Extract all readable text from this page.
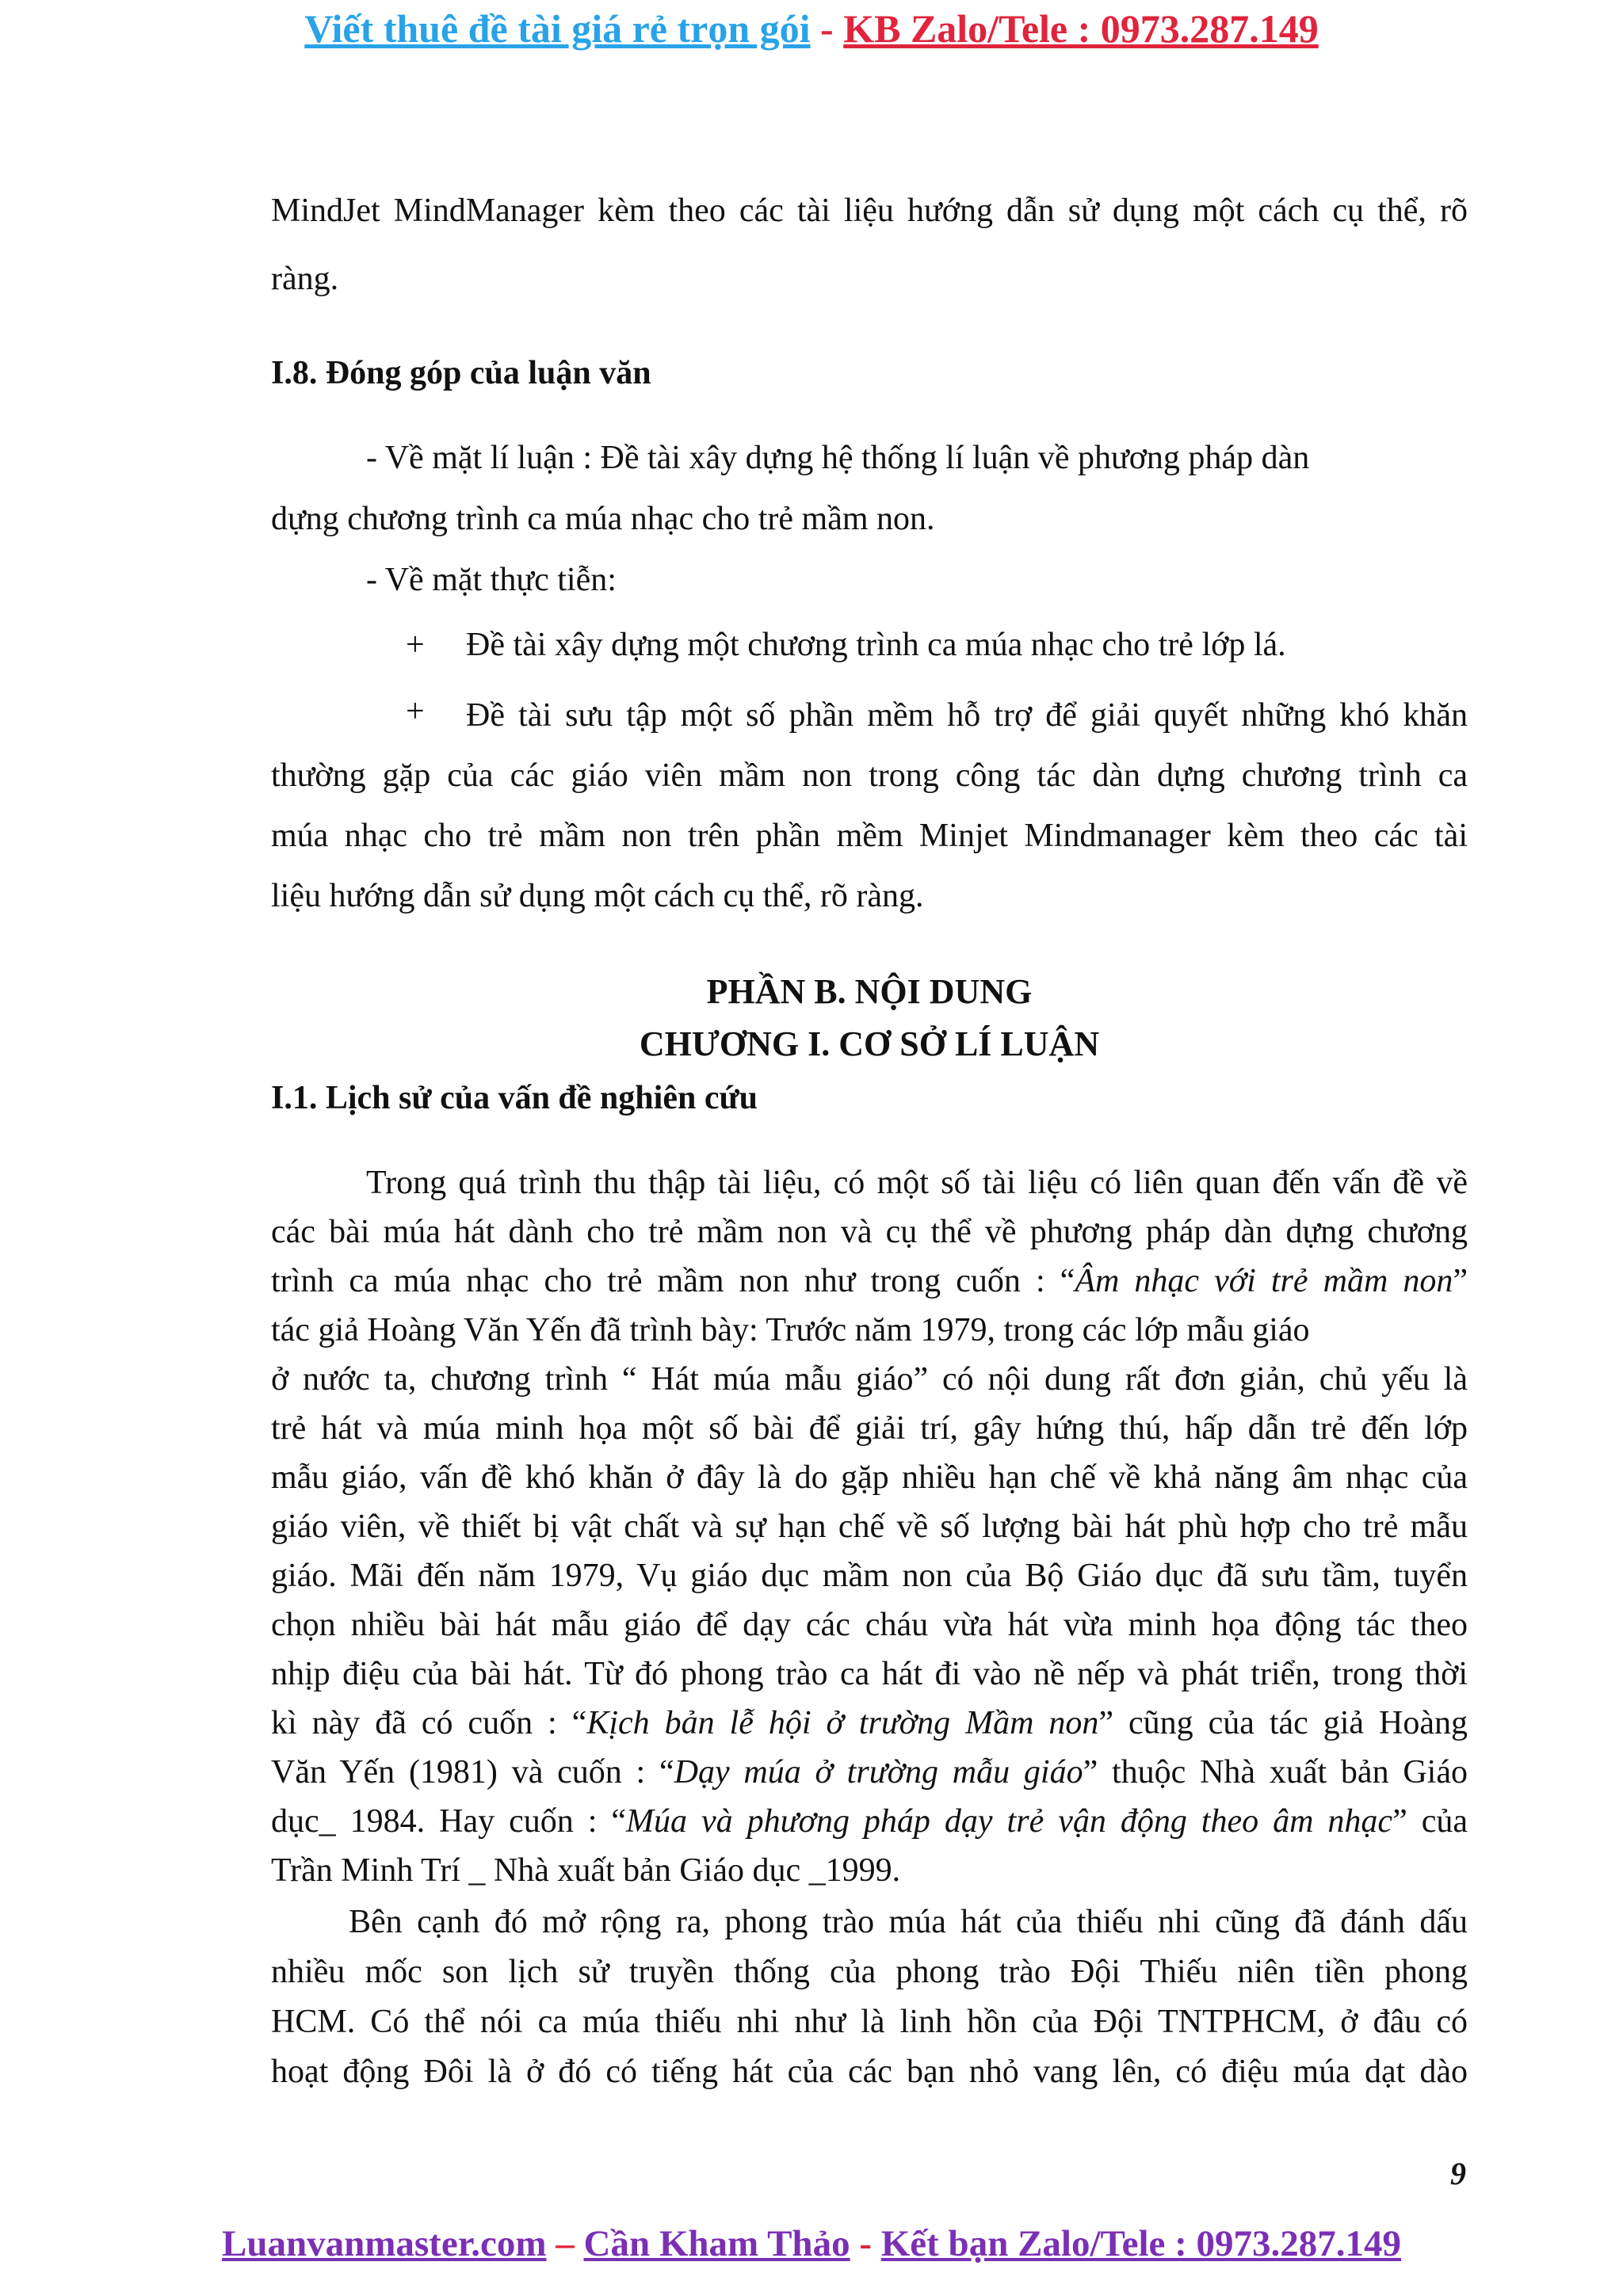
Viết thuê đề tài giá rẻ trọn gói - KB Zalo/Tele : 0973.287.149
MindJet MindManager kèm theo các tài liệu hướng dẫn sử dụng một cách cụ thể, rõ
ràng.
I.8. Đóng góp của luận văn
- Về mặt lí luận : Đề tài xây dựng hệ thống lí luận về phương pháp dàn
dựng chương trình ca múa nhạc cho trẻ mầm non.
- Về mặt thực tiễn:
+ Đề tài xây dựng một chương trình ca múa nhạc cho trẻ lớp lá.
+ Đề tài sưu tập một số phần mềm hỗ trợ để giải quyết những khó khăn
thường gặp của các giáo viên mầm non trong công tác dàn dựng chương trình ca
múa nhạc cho trẻ mầm non trên phần mềm Minjet Mindmanager kèm theo các tài
liệu hướng dẫn sử dụng một cách cụ thể, rõ ràng.
PHẦN B. NỘI DUNG
CHƯƠNG I. CƠ SỞ LÍ LUẬN
I.1. Lịch sử của vấn đề nghiên cứu
Trong quá trình thu thập tài liệu, có một số tài liệu có liên quan đến vấn đề về
các bài múa hát dành cho trẻ mầm non và cụ thể về phương pháp dàn dựng chương
trình ca múa nhạc cho trẻ mầm non như trong cuốn : “Âm nhạc với trẻ mầm non”
tác giả Hoàng Văn Yến đã trình bày: Trước năm 1979, trong các lớp mẫu giáo
ở nước ta, chương trình “ Hát múa mẫu giáo” có nội dung rất đơn giản, chủ yếu là
trẻ hát và múa minh họa một số bài để giải trí, gây hứng thú, hấp dẫn trẻ đến lớp
mẫu giáo, vấn đề khó khăn ở đây là do gặp nhiều hạn chế về khả năng âm nhạc của
giáo viên, về thiết bị vật chất và sự hạn chế về số lượng bài hát phù hợp cho trẻ mẫu
giáo. Mãi đến năm 1979, Vụ giáo dục mầm non của Bộ Giáo dục đã sưu tầm, tuyển
chọn nhiều bài hát mẫu giáo để dạy các cháu vừa hát vừa minh họa động tác theo
nhịp điệu của bài hát. Từ đó phong trào ca hát đi vào nề nếp và phát triển, trong thời
kì này đã có cuốn : “Kịch bản lễ hội ở trường Mầm non” cũng của tác giả Hoàng
Văn Yến (1981) và cuốn : “Dạy múa ở trường mẫu giáo” thuộc Nhà xuất bản Giáo
dục_ 1984. Hay cuốn : “Múa và phương pháp dạy trẻ vận động theo âm nhạc” của
Trần Minh Trí _ Nhà xuất bản Giáo dục _1999.
Bên cạnh đó mở rộng ra, phong trào múa hát của thiếu nhi cũng đã đánh dấu
nhiều mốc son lịch sử truyền thống của phong trào Đội Thiếu niên tiền phong
HCM. Có thể nói ca múa thiếu nhi như là linh hồn của Đội TNTPHCM, ở đâu có
hoạt động Đôi là ở đó có tiếng hát của các bạn nhỏ vang lên, có điệu múa dạt dào
9
Luanvanmaster.com – Cần Kham Thảo - Kết bạn Zalo/Tele : 0973.287.149
